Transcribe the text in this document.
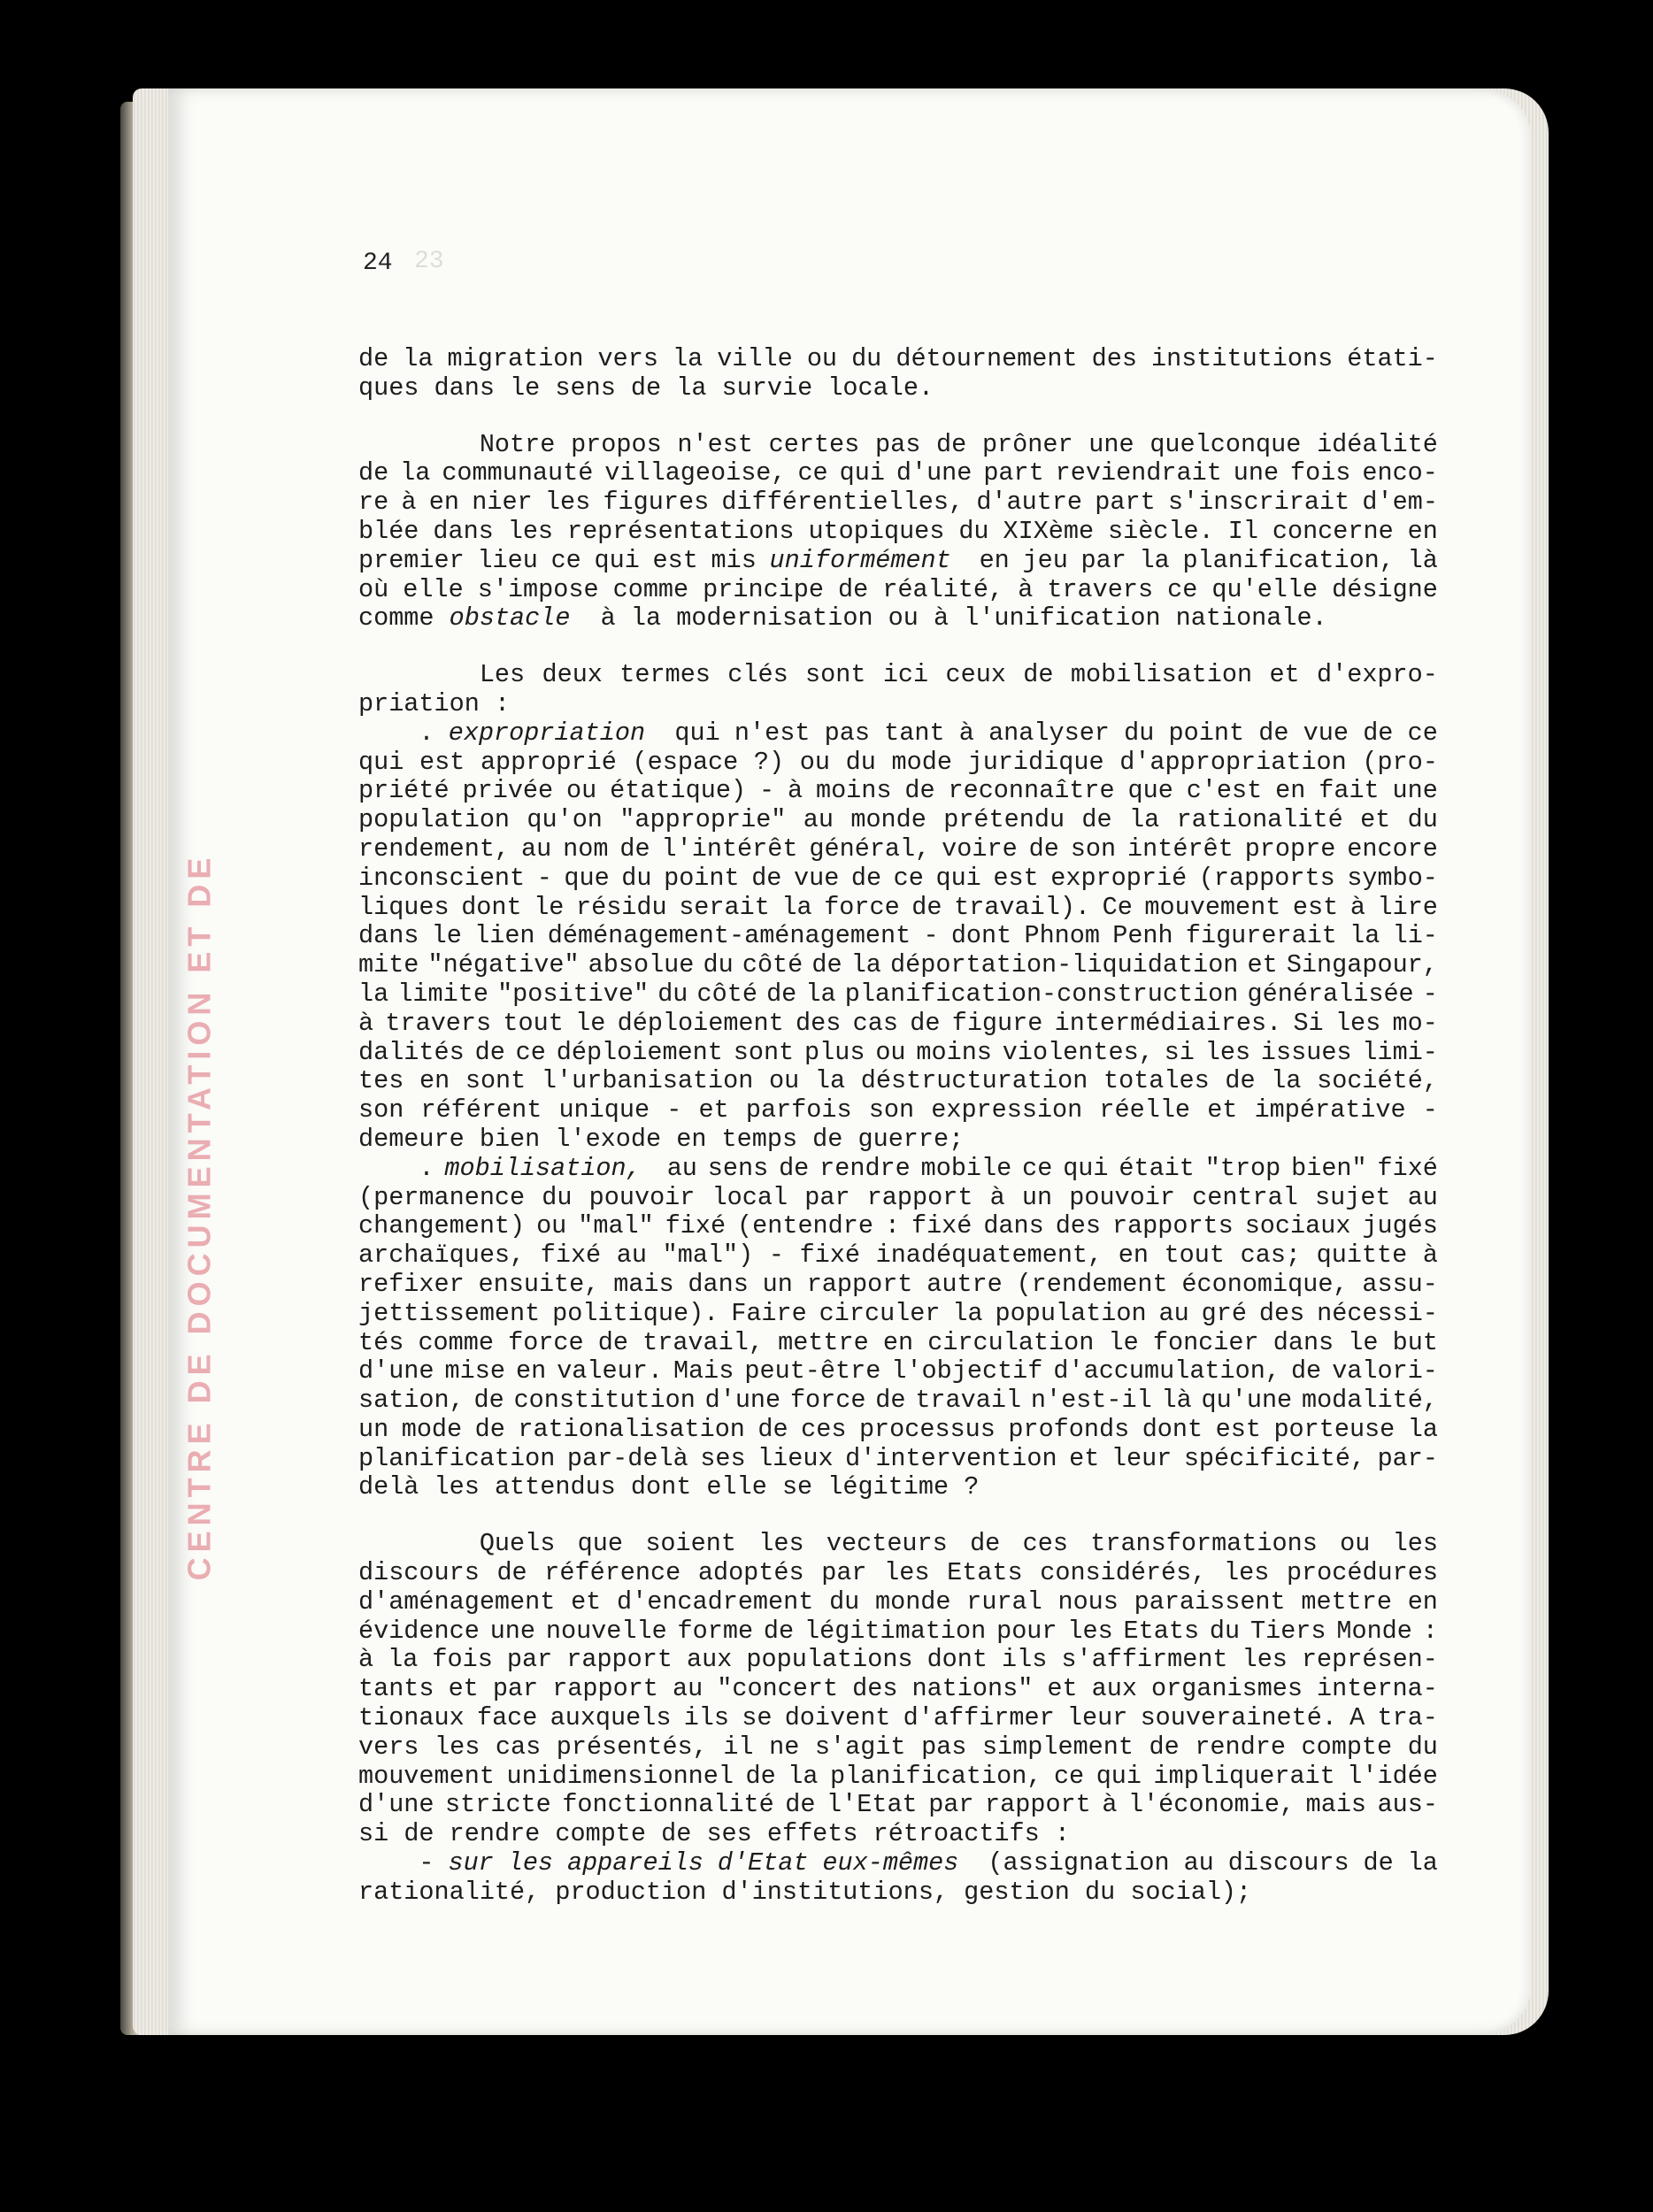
CENTRE DE DOCUMENTATION ET DE
24 23
de la migration vers la ville ou du détournement des institutions étati-
ques
dans
le
sens
de
la
survie
locale.
Notre propos n'est certes pas de prôner une quelconque idéalité
de la communauté villageoise, ce qui d'une part reviendrait une fois enco-
re à en nier les figures différentielles, d'autre part s'inscrirait d'em-
blée dans les représentations utopiques du XIXème siècle. Il concerne en
premier lieu ce qui est mis uniformément	en jeu par la planification, là
où elle s'impose comme principe de réalité, à travers ce qu'elle désigne
comme
obstacle
	à
la
modernisation
ou
à
l'unification
nationale.
Les deux termes clés sont ici ceux de mobilisation et d'expro-
priation
:
. expropriation	qui n'est pas tant à analyser du point de vue de ce
qui est approprié (espace ?) ou du mode juridique d'appropriation (pro-
priété privée ou étatique) - à moins de reconnaître que c'est en fait une
population qu'on "approprie" au monde prétendu de la rationalité et du
rendement, au nom de l'intérêt général, voire de son intérêt propre encore
inconscient - que du point de vue de ce qui est exproprié (rapports symbo-
liques dont le résidu serait la force de travail). Ce mouvement est à lire
dans le lien déménagement-aménagement - dont Phnom Penh figurerait la li-
mite "négative" absolue du côté de la déportation-liquidation et Singapour,
la limite "positive" du côté de la planification-construction généralisée -
à travers tout le déploiement des cas de figure intermédiaires. Si les mo-
dalités de ce déploiement sont plus ou moins violentes, si les issues limi-
tes en sont l'urbanisation ou la déstructuration totales de la société,
son référent unique - et parfois son expression réelle et impérative -
demeure
bien
l'exode
en
temps
de
guerre;
. mobilisation,	au sens de rendre mobile ce qui était "trop bien" fixé
(permanence du pouvoir local par rapport à un pouvoir central sujet au
changement) ou "mal" fixé (entendre : fixé dans des rapports sociaux jugés
archaïques, fixé au "mal") - fixé inadéquatement, en tout cas; quitte à
refixer ensuite, mais dans un rapport autre (rendement économique, assu-
jettissement politique). Faire circuler la population au gré des nécessi-
tés comme force de travail, mettre en circulation le foncier dans le but
d'une mise en valeur. Mais peut-être l'objectif d'accumulation, de valori-
sation, de constitution d'une force de travail n'est-il là qu'une modalité,
un mode de rationalisation de ces processus profonds dont est porteuse la
planification par-delà ses lieux d'intervention et leur spécificité, par-
delà
les
attendus
dont
elle
se
légitime
?
Quels que soient les vecteurs de ces transformations ou les
discours de référence adoptés par les Etats considérés, les procédures
d'aménagement et d'encadrement du monde rural nous paraissent mettre en
évidence une nouvelle forme de légitimation pour les Etats du Tiers Monde :
à la fois par rapport aux populations dont ils s'affirment les représen-
tants et par rapport au "concert des nations" et aux organismes interna-
tionaux face auxquels ils se doivent d'affirmer leur souveraineté. A tra-
vers les cas présentés, il ne s'agit pas simplement de rendre compte du
mouvement unidimensionnel de la planification, ce qui impliquerait l'idée
d'une stricte fonctionnalité de l'Etat par rapport à l'économie, mais aus-
si
de
rendre
compte
de
ses
effets
rétroactifs
:
- sur les appareils d'Etat eux-mêmes	(assignation au discours de la
rationalité,
production
d'institutions,
gestion
du
social);
